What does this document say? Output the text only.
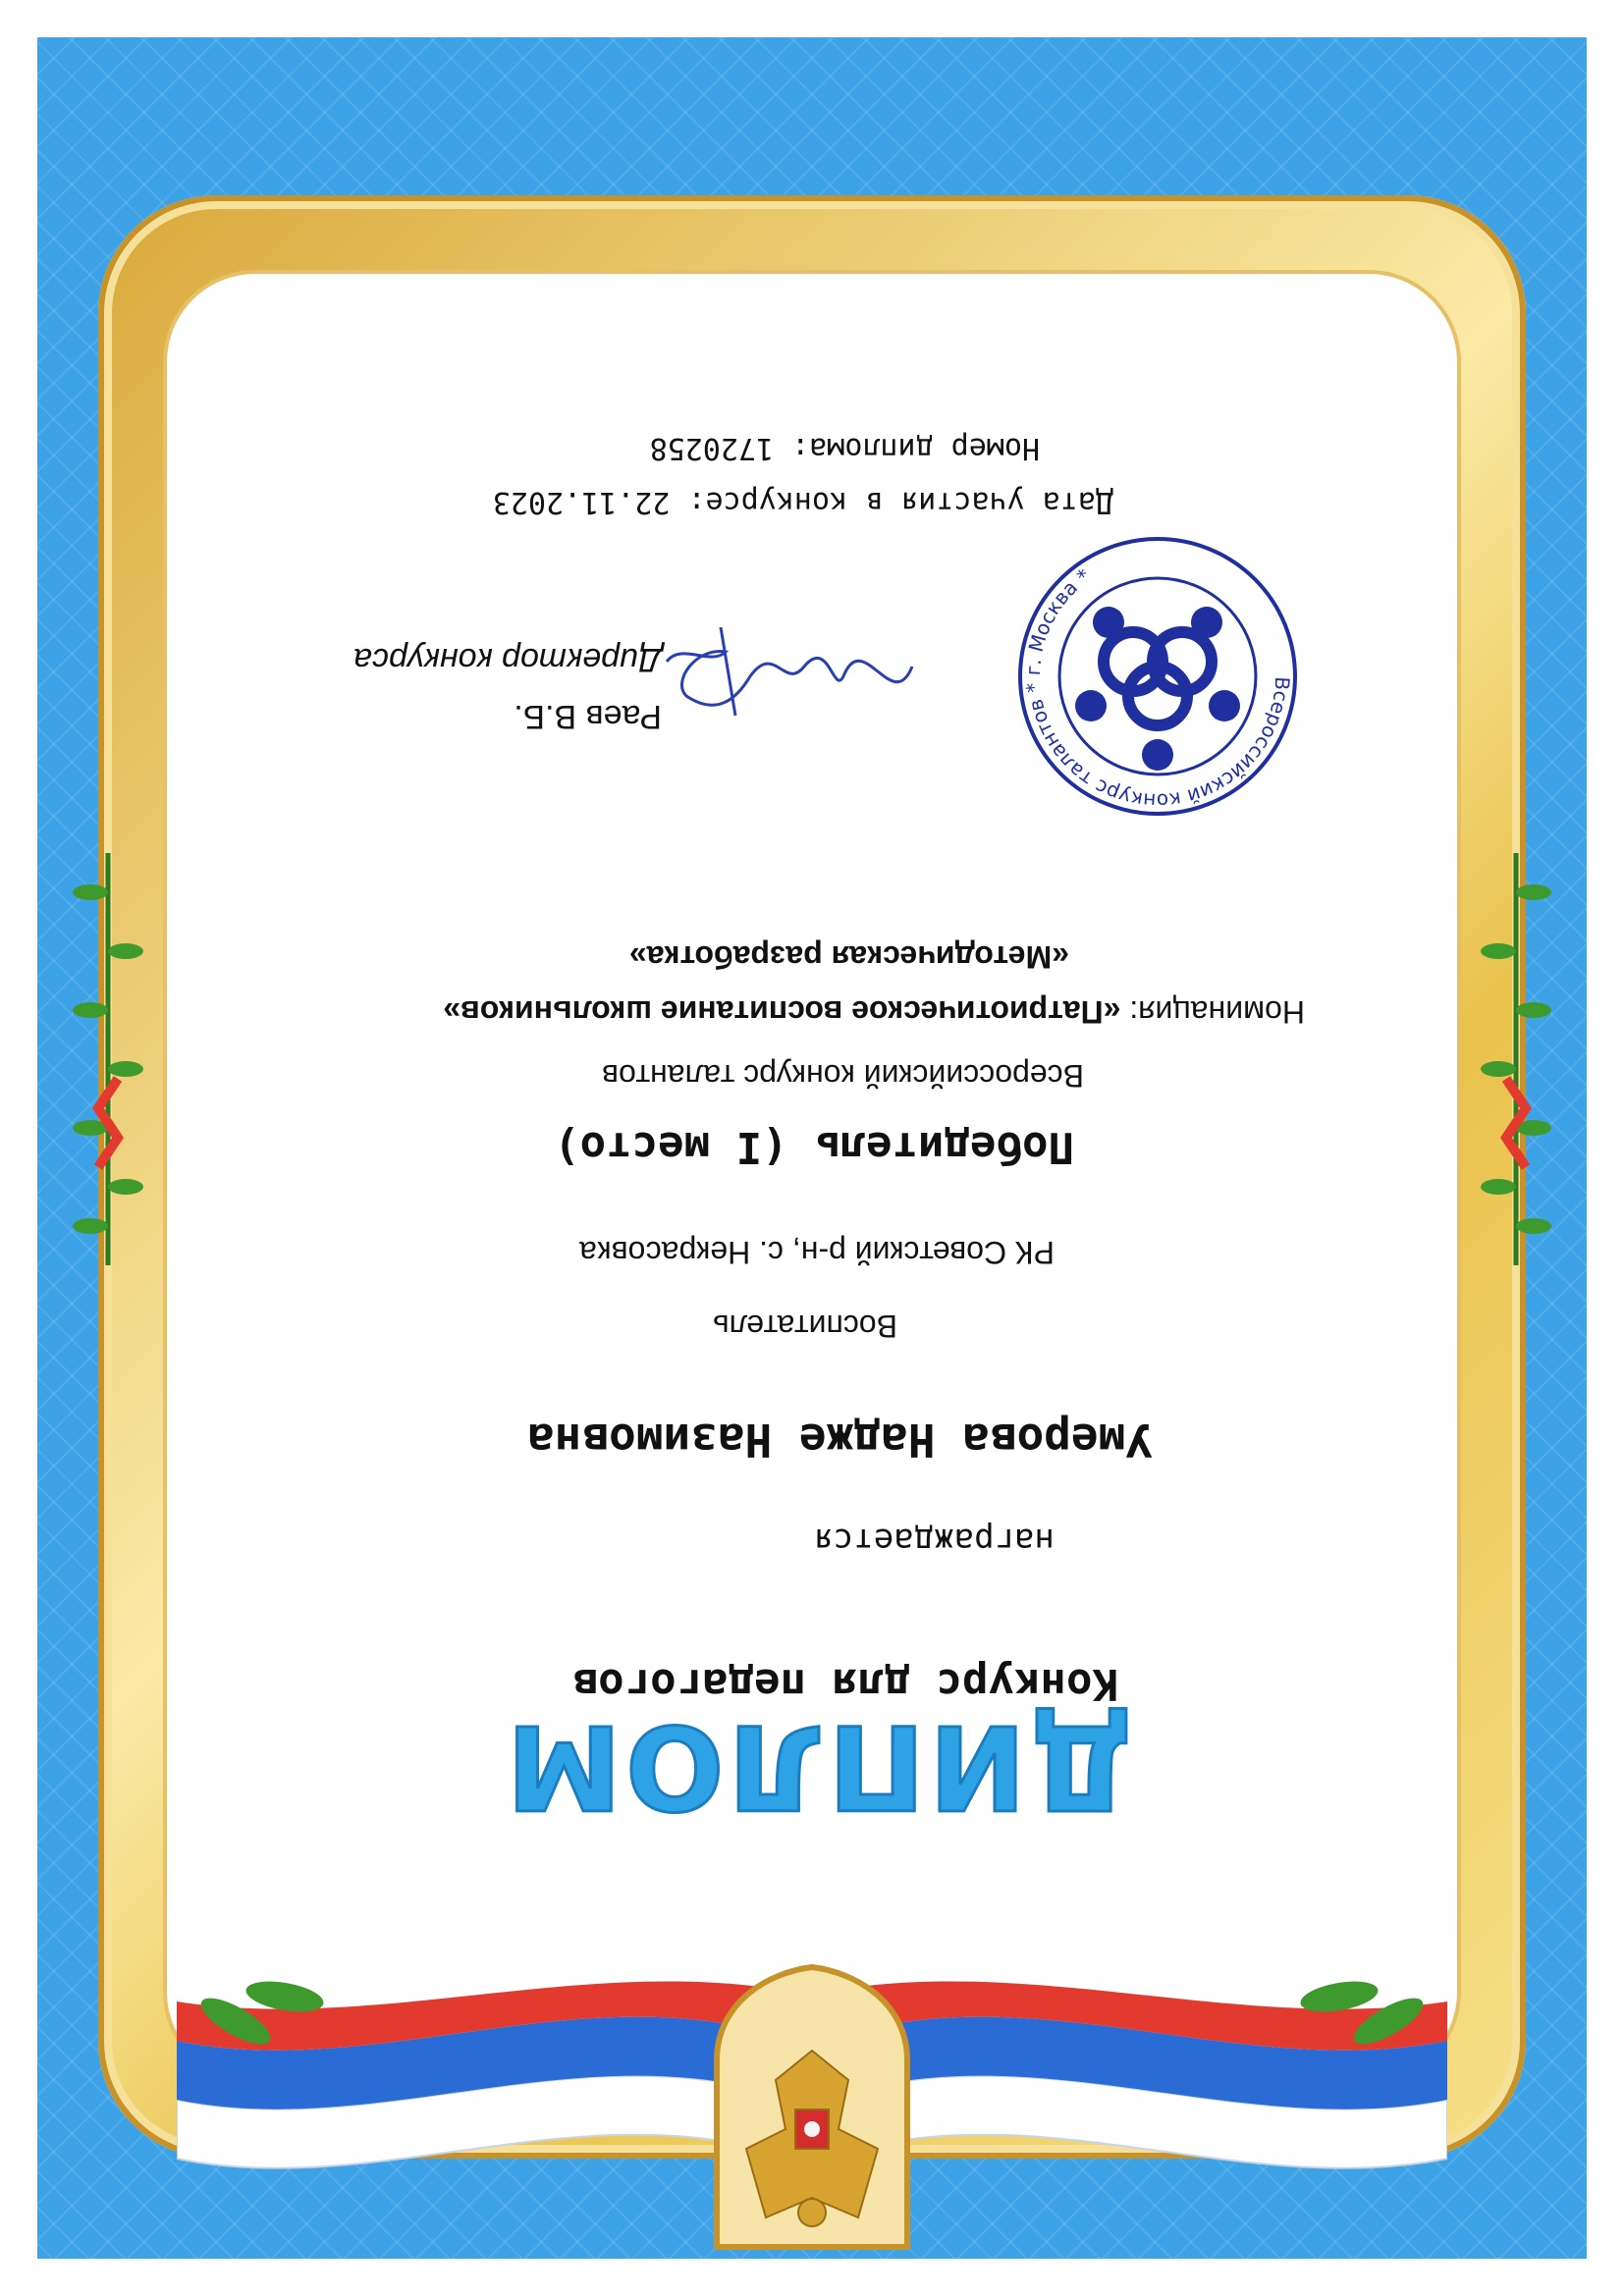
ДИПЛОМ
Конкурс для педагогов
награждается
Умерова Надже Назимовна
Воспитатель
РК Советский р-н, с. Некрасовка
Победитель (I место)
Всероссийский конкурс талантов
Номинация: «Патриотическое воспитание школьников»
«Методическая разработка»
Всероссийский конкурс талантов * г. Москва *
Раев В.Б.
Директор конкурса
Дата участия в конкурсе: 22.11.2023
Номер диплома: 1720258
